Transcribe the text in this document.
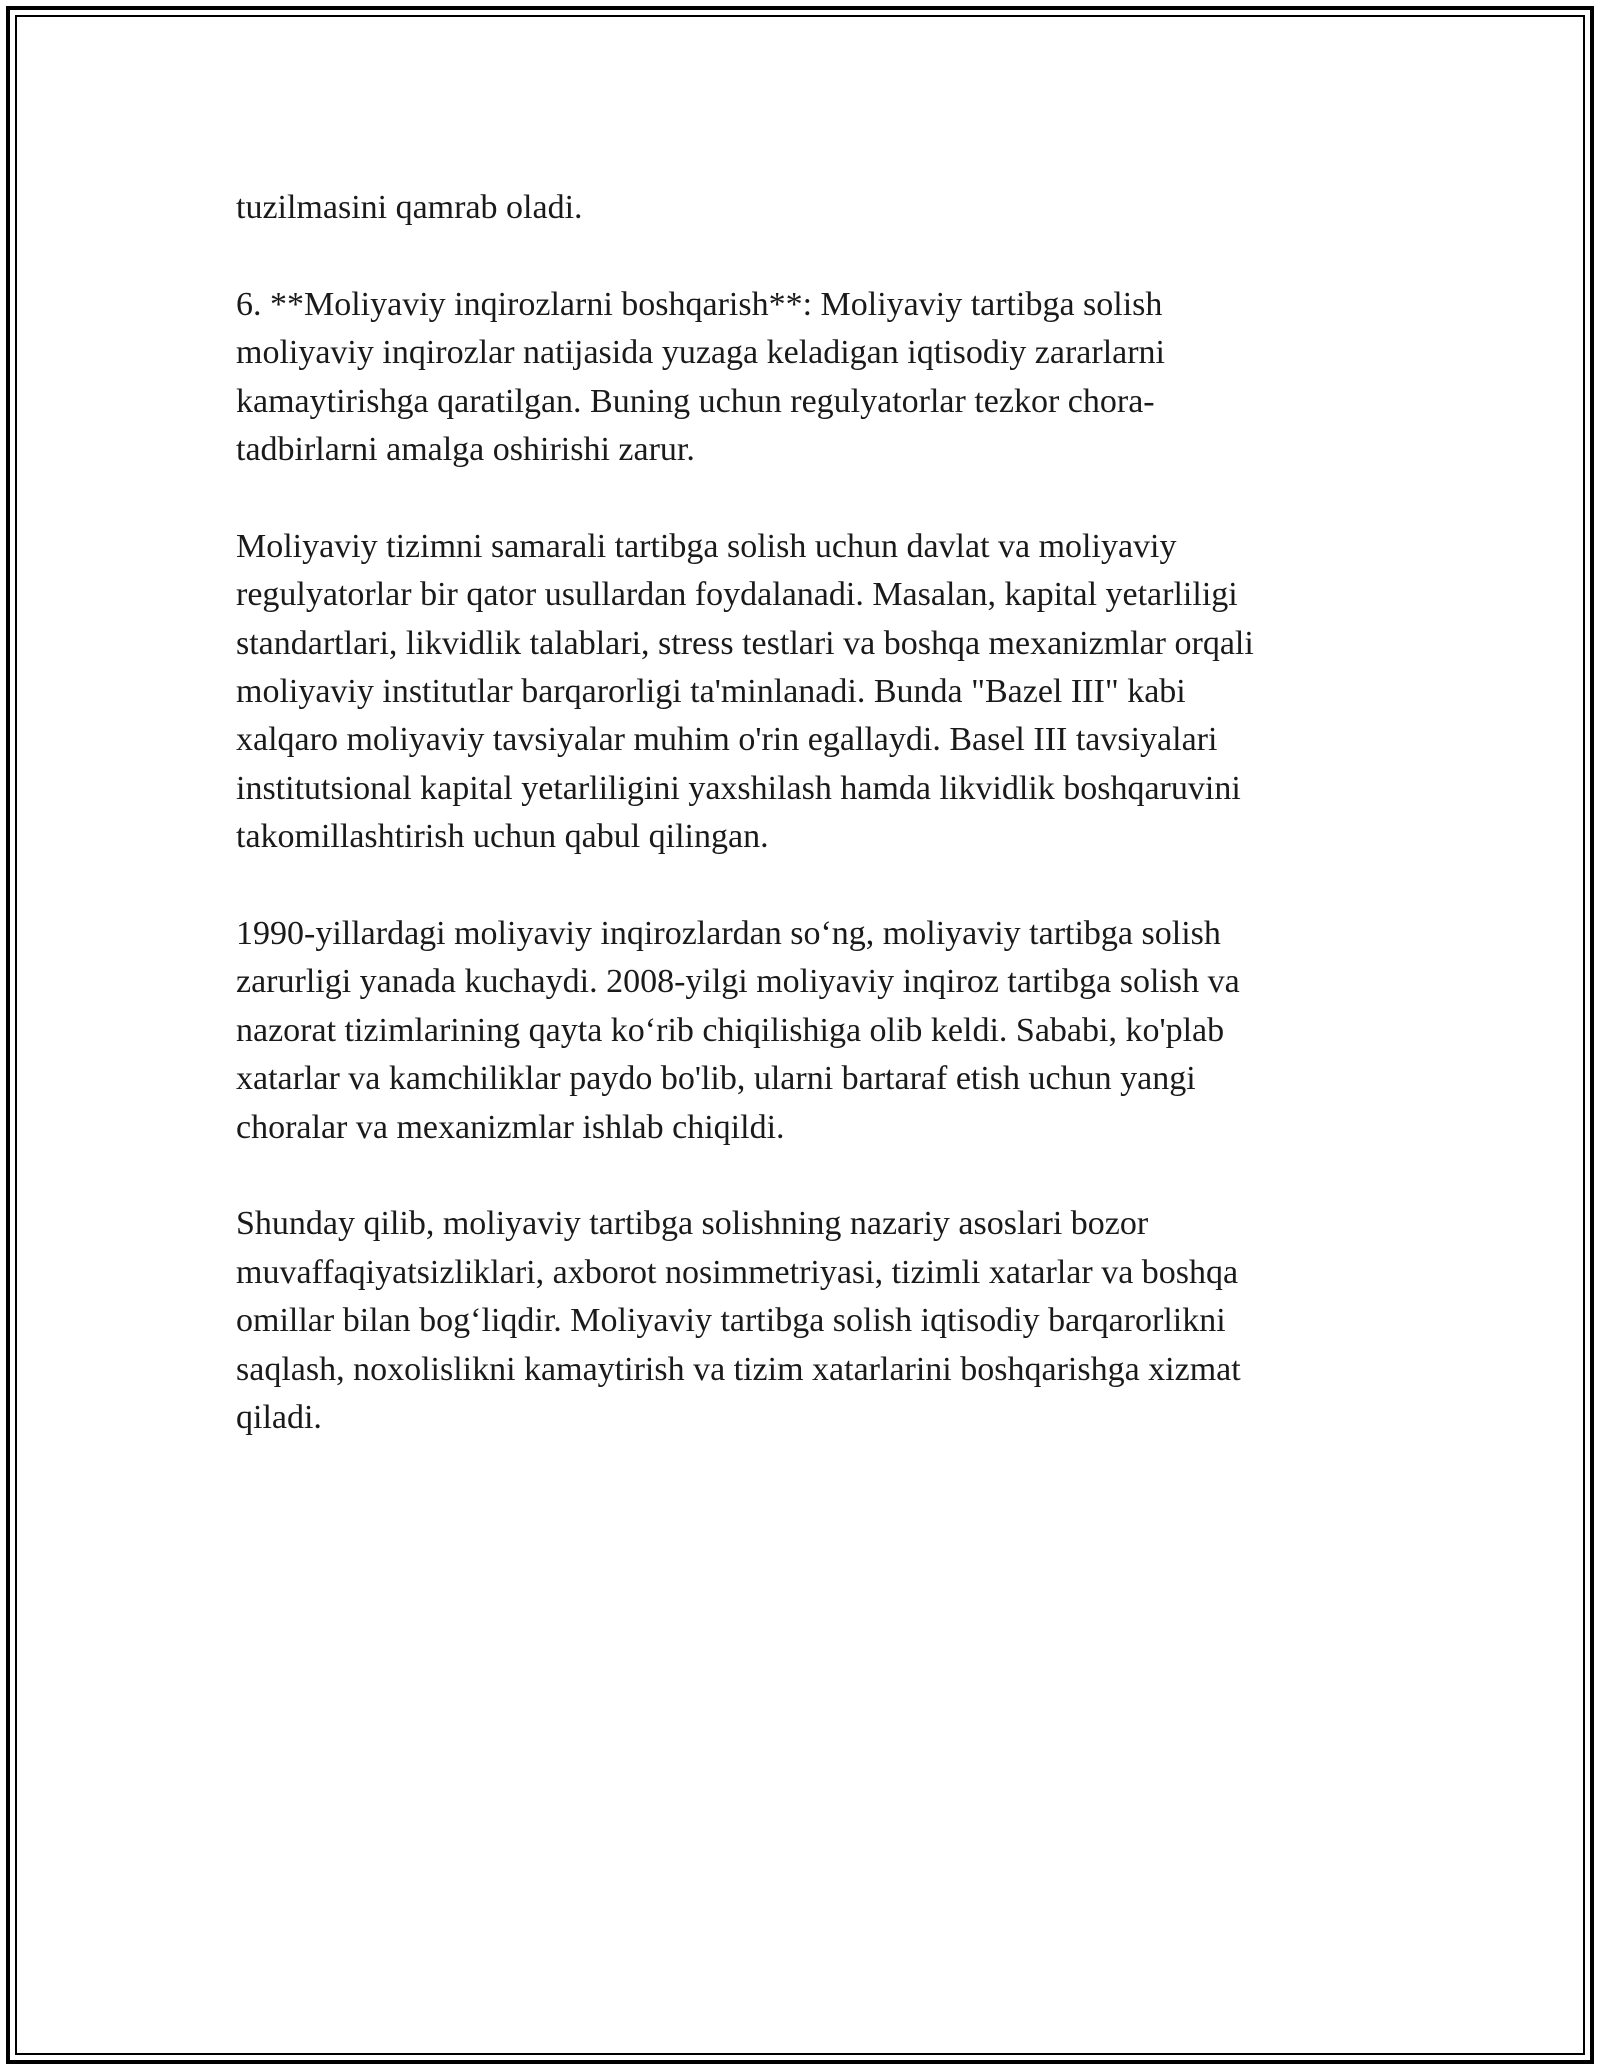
tuzilmasini qamrab oladi.

6. **Moliyaviy inqirozlarni boshqarish**: Moliyaviy tartibga solish
moliyaviy inqirozlar natijasida yuzaga keladigan iqtisodiy zararlarni
kamaytirishga qaratilgan. Buning uchun regulyatorlar tezkor chora-
tadbirlarni amalga oshirishi zarur.

Moliyaviy tizimni samarali tartibga solish uchun davlat va moliyaviy
regulyatorlar bir qator usullardan foydalanadi. Masalan, kapital yetarliligi
standartlari, likvidlik talablari, stress testlari va boshqa mexanizmlar orqali
moliyaviy institutlar barqarorligi ta'minlanadi. Bunda "Bazel III" kabi
xalqaro moliyaviy tavsiyalar muhim o'rin egallaydi. Basel III tavsiyalari
institutsional kapital yetarliligini yaxshilash hamda likvidlik boshqaruvini
takomillashtirish uchun qabul qilingan.

1990-yillardagi moliyaviy inqirozlardan so‘ng, moliyaviy tartibga solish
zarurligi yanada kuchaydi. 2008-yilgi moliyaviy inqiroz tartibga solish va
nazorat tizimlarining qayta ko‘rib chiqilishiga olib keldi. Sababi, ko'plab
xatarlar va kamchiliklar paydo bo'lib, ularni bartaraf etish uchun yangi
choralar va mexanizmlar ishlab chiqildi.

Shunday qilib, moliyaviy tartibga solishning nazariy asoslari bozor
muvaffaqiyatsizliklari, axborot nosimmetriyasi, tizimli xatarlar va boshqa
omillar bilan bog‘liqdir. Moliyaviy tartibga solish iqtisodiy barqarorlikni
saqlash, noxolislikni kamaytirish va tizim xatarlarini boshqarishga xizmat
qiladi.
